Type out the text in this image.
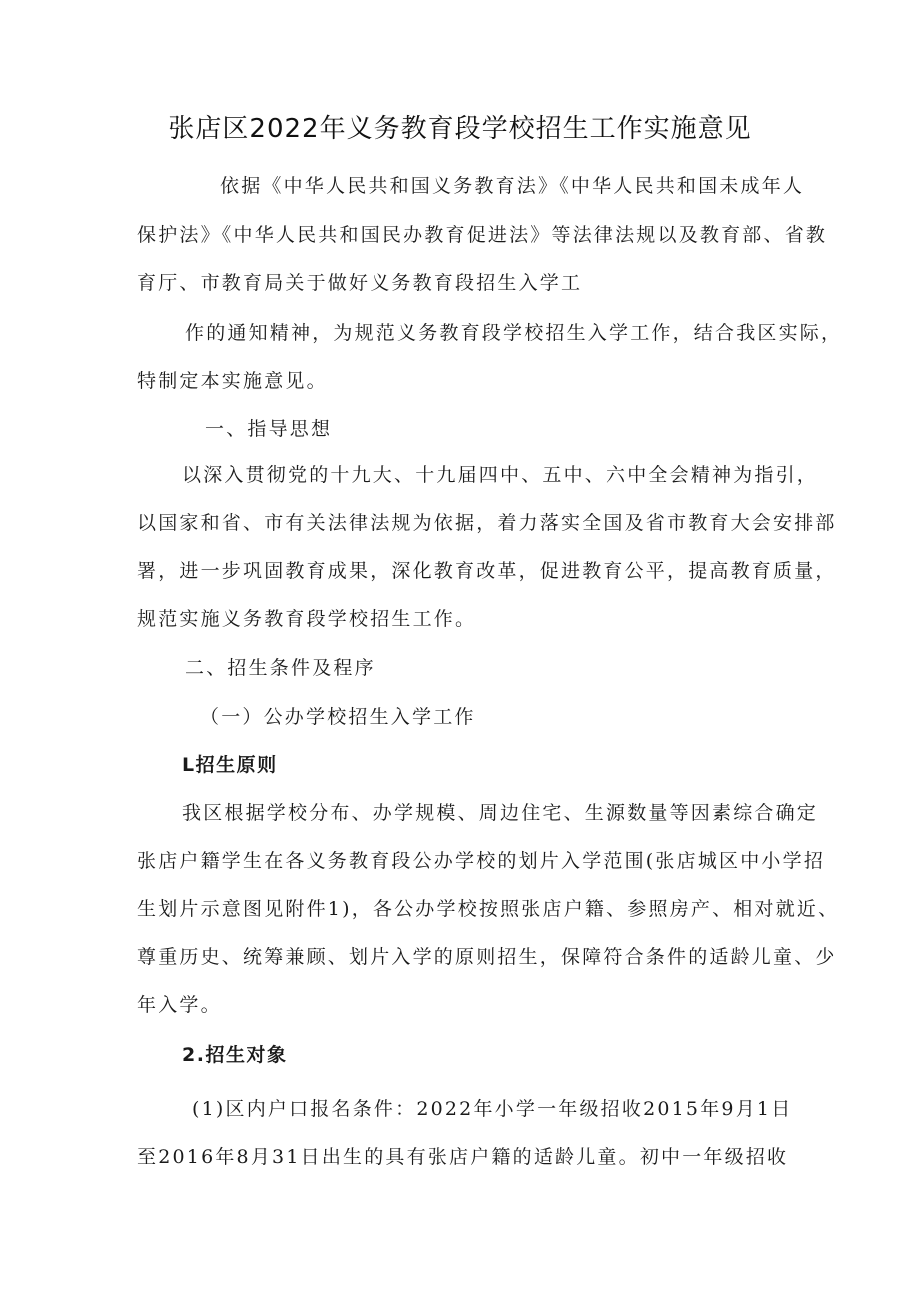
张店区2022年义务教育段学校招生工作实施意见
依据《中华人民共和国义务教育法》《中华人民共和国未成年人
保护法》《中华人民共和国民办教育促进法》等法律法规以及教育部、省教
育厅、市教育局关于做好义务教育段招生入学工
作的通知精神，为规范义务教育段学校招生入学工作，结合我区实际，
特制定本实施意见。
一、指导思想
以深入贯彻党的十九大、十九届四中、五中、六中全会精神为指引，
以国家和省、市有关法律法规为依据，着力落实全国及省市教育大会安排部
署，进一步巩固教育成果，深化教育改革，促进教育公平，提高教育质量，
规范实施义务教育段学校招生工作。
二、招生条件及程序
（一）公办学校招生入学工作
L招生原则
我区根据学校分布、办学规模、周边住宅、生源数量等因素综合确定
张店户籍学生在各义务教育段公办学校的划片入学范围(张店城区中小学招
生划片示意图见附件1)，各公办学校按照张店户籍、参照房产、相对就近、
尊重历史、统筹兼顾、划片入学的原则招生，保障符合条件的适龄儿童、少
年入学。
2.招生对象
(1)区内户口报名条件：2022年小学一年级招收2015年9月1日
至2016年8月31日出生的具有张店户籍的适龄儿童。初中一年级招收
